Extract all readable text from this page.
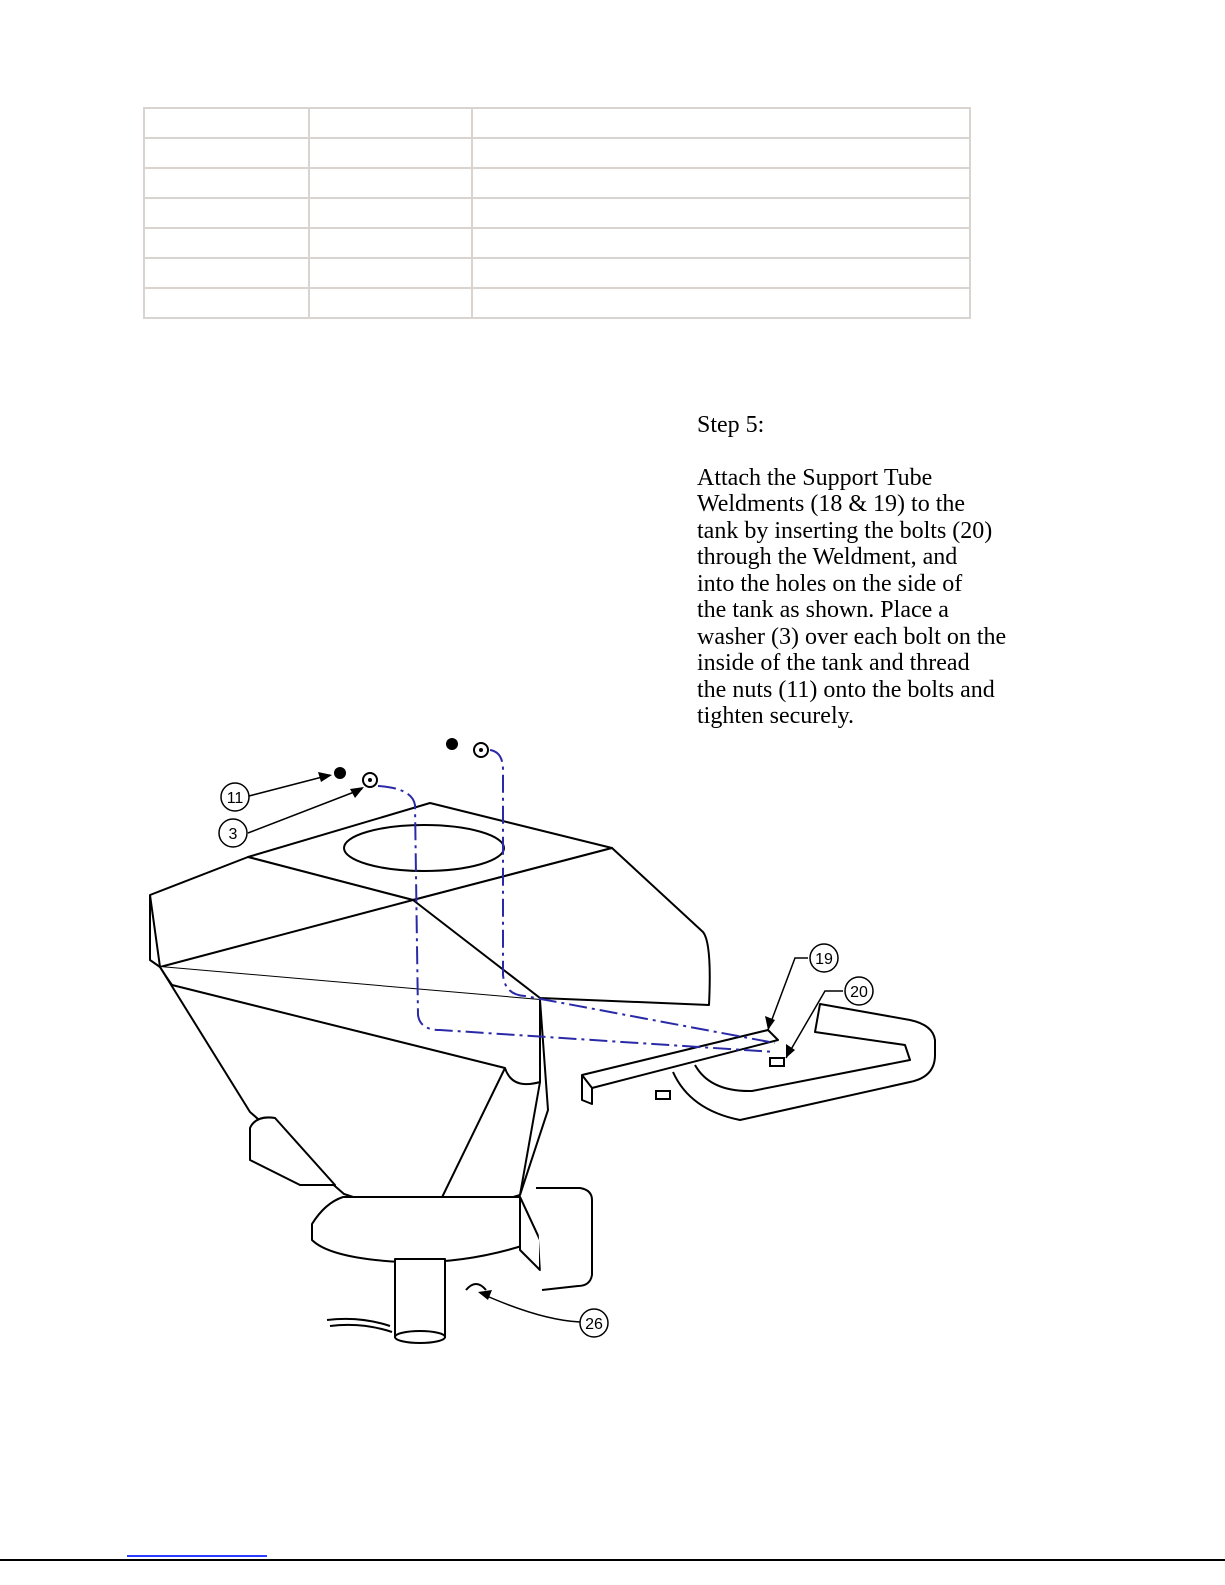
Step 5:

Attach the Support Tube
Weldments (18 & 19) to the
tank by inserting the bolts (20)
through the Weldment, and
into the holes on the side of
the tank as shown. Place a
washer (3) over each bolt on the
inside of the tank and thread
the nuts (11) onto the bolts and
tighten securely.

11
3
19
20
26
